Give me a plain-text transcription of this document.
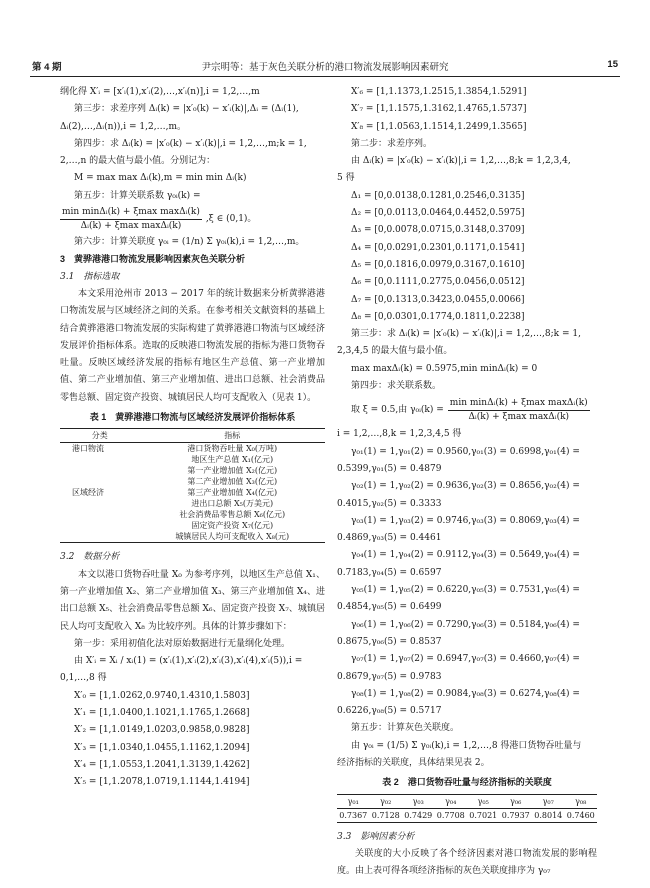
第 4 期	尹宗明等：基于灰色关联分析的港口物流发展影响因素研究	15

纲化得 X′ᵢ = [x′ᵢ(1),x′ᵢ(2),…,x′ᵢ(n)],i = 1,2,…,m

第三步：求差序列 Δᵢ(k) = |x′₀(k) − x′ᵢ(k)|,Δᵢ = (Δᵢ(1),

Δᵢ(2),…,Δᵢ(n)),i = 1,2,…,m。

第四步：求 Δᵢ(k) = |x′₀(k) − x′ᵢ(k)|,i = 1,2,…,m;k = 1,

2,…,n 的最大值与最小值。分别记为：

M = max max Δᵢ(k),m = min min Δᵢ(k)

第五步：计算关联系数 γ₀ᵢ(k) =

min minΔᵢ(k) + ξmax maxΔᵢ(k)
Δᵢ(k) + ξmax maxΔᵢ(k)
,ξ ∈ (0,1)。

第六步：计算关联度 γ₀ᵢ = (1/n) Σ γ₀ᵢ(k),i = 1,2,…,m。

3　黄骅港港口物流发展影响因素灰色关联分析

3.1　指标选取

本文采用沧州市 2013 − 2017 年的统计数据来分析黄骅港港口物流发展与区域经济之间的关系。在参考相关文献资料的基础上结合黄骅港港口物流发展的实际构建了黄骅港港口物流与区域经济发展评价指标体系。选取的反映港口物流发展的指标为港口货物吞吐量。反映区域经济发展的指标有地区生产总值、第一产业增加值、第二产业增加值、第三产业增加值、进出口总额、社会消费品零售总额、固定资产投资、城镇居民人均可支配收入（见表 1）。

表 1　黄骅港港口物流与区域经济发展评价指标体系

分类	指标
港口物流	港口货物吞吐量 X₀(万吨)
	地区生产总值 X₁(亿元)
	第一产业增加值 X₂(亿元)
	第二产业增加值 X₃(亿元)
区域经济	第三产业增加值 X₄(亿元)
	进出口总额 X₅(万美元)
	社会消费品零售总额 X₆(亿元)
	固定资产投资 X₇(亿元)
	城镇居民人均可支配收入 X₈(元)

3.2　数据分析

本文以港口货物吞吐量 X₀ 为参考序列，以地区生产总值 X₁、第一产业增加值 X₂、第二产业增加值 X₃、第三产业增加值 X₄、进出口总额 X₅、社会消费品零售总额 X₆、固定资产投资 X₇、城镇居民人均可支配收入 X₈ 为比较序列。具体的计算步骤如下：

第一步：采用初值化法对原始数据进行无量纲化处理。

由 X′ᵢ = Xᵢ / xᵢ(1) = (x′ᵢ(1),x′ᵢ(2),x′ᵢ(3),x′ᵢ(4),x′ᵢ(5)),i =

0,1,…,8 得

X′₀ = [1,1.0262,0.9740,1.4310,1.5803]

X′₁ = [1,1.0400,1.1021,1.1765,1.2668]

X′₂ = [1,1.0149,1.0203,0.9858,0.9828]

X′₃ = [1,1.0340,1.0455,1.1162,1.2094]

X′₄ = [1,1.0553,1.2041,1.3139,1.4262]

X′₅ = [1,1.2078,1.0719,1.1144,1.4194]

X′₆ = [1,1.1373,1.2515,1.3854,1.5291]

X′₇ = [1,1.1575,1.3162,1.4765,1.5737]

X′₈ = [1,1.0563,1.1514,1.2499,1.3565]

第二步：求差序列。

由 Δᵢ(k) = |x′₀(k) − x′ᵢ(k)|,i = 1,2,…,8;k = 1,2,3,4,

5 得

Δ₁ = [0,0.0138,0.1281,0.2546,0.3135]

Δ₂ = [0,0.0113,0.0464,0.4452,0.5975]

Δ₃ = [0,0.0078,0.0715,0.3148,0.3709]

Δ₄ = [0,0.0291,0.2301,0.1171,0.1541]

Δ₅ = [0,0.1816,0.0979,0.3167,0.1610]

Δ₆ = [0,0.1111,0.2775,0.0456,0.0512]

Δ₇ = [0,0.1313,0.3423,0.0455,0.0066]

Δ₈ = [0,0.0301,0.1774,0.1811,0.2238]

第三步：求 Δᵢ(k) = |x′₀(k) − x′ᵢ(k)|,i = 1,2,…,8;k = 1,

2,3,4,5 的最大值与最小值。

max maxΔᵢ(k) = 0.5975,min minΔᵢ(k) = 0

第四步：求关联系数。

取 ξ = 0.5,由 γ₀ᵢ(k) =
min minΔᵢ(k) + ξmax maxΔᵢ(k)
Δᵢ(k) + ξmax maxΔᵢ(k)

i = 1,2,…,8,k = 1,2,3,4,5 得

γ₀₁(1) = 1,γ₀₁(2) = 0.9560,γ₀₁(3) = 0.6998,γ₀₁(4) =

0.5399,γ₀₁(5) = 0.4879

γ₀₂(1) = 1,γ₀₂(2) = 0.9636,γ₀₂(3) = 0.8656,γ₀₂(4) =

0.4015,γ₀₂(5) = 0.3333

γ₀₃(1) = 1,γ₀₃(2) = 0.9746,γ₀₃(3) = 0.8069,γ₀₃(4) =

0.4869,γ₀₃(5) = 0.4461

γ₀₄(1) = 1,γ₀₄(2) = 0.9112,γ₀₄(3) = 0.5649,γ₀₄(4) =

0.7183,γ₀₄(5) = 0.6597

γ₀₅(1) = 1,γ₀₅(2) = 0.6220,γ₀₅(3) = 0.7531,γ₀₅(4) =

0.4854,γ₀₅(5) = 0.6499

γ₀₆(1) = 1,γ₀₆(2) = 0.7290,γ₀₆(3) = 0.5184,γ₀₆(4) =

0.8675,γ₀₆(5) = 0.8537

γ₀₇(1) = 1,γ₀₇(2) = 0.6947,γ₀₇(3) = 0.4660,γ₀₇(4) =

0.8679,γ₀₇(5) = 0.9783

γ₀₈(1) = 1,γ₀₈(2) = 0.9084,γ₀₈(3) = 0.6274,γ₀₈(4) =

0.6226,γ₀₈(5) = 0.5717

第五步：计算灰色关联度。

由 γ₀ᵢ = (1/5) Σ γ₀ᵢ(k),i = 1,2,…,8 得港口货物吞吐量与

经济指标的关联度，具体结果见表 2。

表 2　港口货物吞吐量与经济指标的关联度

γ₀₁	γ₀₂	γ₀₃	γ₀₄	γ₀₅	γ₀₆	γ₀₇	γ₀₈
0.7367	0.7128	0.7429	0.7708	0.7021	0.7937	0.8014	0.7460

3.3　影响因素分析

关联度的大小反映了各个经济因素对港口物流发展的影响程度。由上表可得各项经济指标的灰色关联度排序为 γ₀₇
